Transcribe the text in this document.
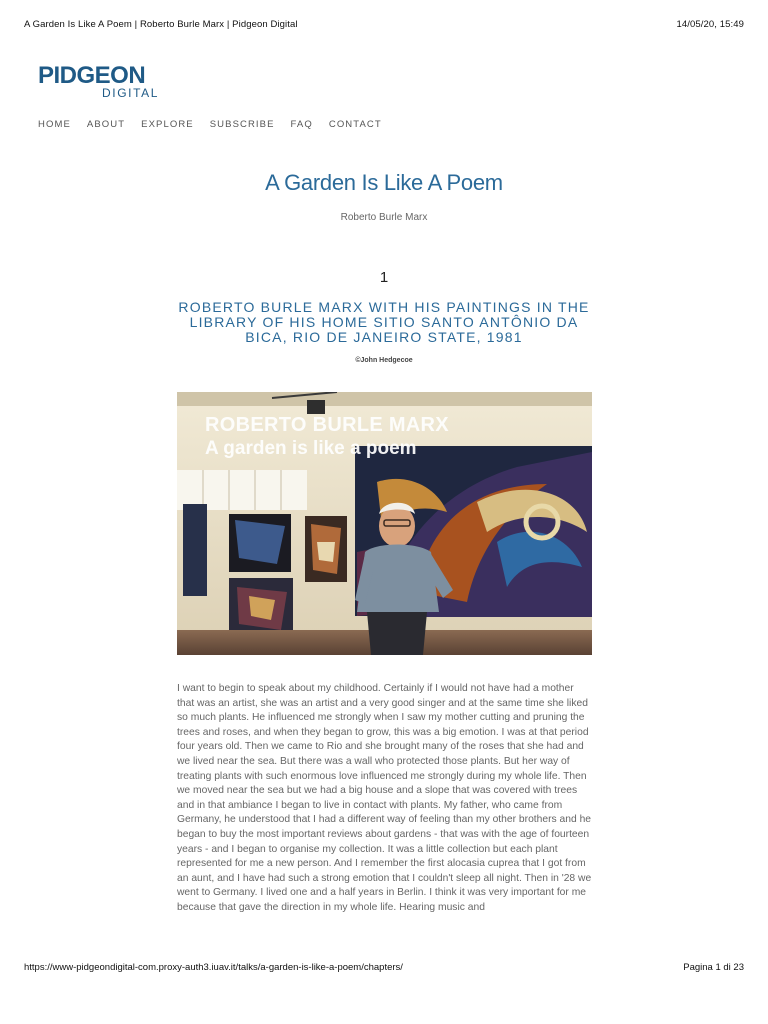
A Garden Is Like A Poem | Roberto Burle Marx | Pidgeon Digital	14/05/20, 15:49
PIDGEON
DIGITAL
HOME ABOUT EXPLORE SUBSCRIBE FAQ CONTACT
A Garden Is Like A Poem
Roberto Burle Marx
1
ROBERTO BURLE MARX WITH HIS PAINTINGS IN THE LIBRARY OF HIS HOME SITIO SANTO ANTÔNIO DA BICA, RIO DE JANEIRO STATE, 1981
©John Hedgecoe
ROBERTO BURLE MARX
A garden is like a poem

I want to begin to speak about my childhood. Certainly if I would not have had a mother that was an artist, she was an artist and a very good singer and at the same time she liked so much plants. He influenced me strongly when I saw my mother cutting and pruning the trees and roses, and when they began to grow, this was a big emotion. I was at that period four years old. Then we came to Rio and she brought many of the roses that she had and we lived near the sea. But there was a wall who protected those plants. But her way of treating plants with such enormous love influenced me strongly during my whole life. Then we moved near the sea but we had a big house and a slope that was covered with trees and in that ambiance I began to live in contact with plants. My father, who came from Germany, he understood that I had a different way of feeling than my other brothers and he began to buy the most important reviews about gardens - that was with the age of fourteen years - and I began to organise my collection. It was a little collection but each plant represented for me a new person. And I remember the first alocasia cuprea that I got from an aunt, and I have had such a strong emotion that I couldn't sleep all night. Then in '28 we went to Germany. I lived one and a half years in Berlin. I think it was very important for me because that gave the direction in my whole life. Hearing music and

https://www-pidgeondigital-com.proxy-auth3.iuav.it/talks/a-garden-is-like-a-poem/chapters/	Pagina 1 di 23
